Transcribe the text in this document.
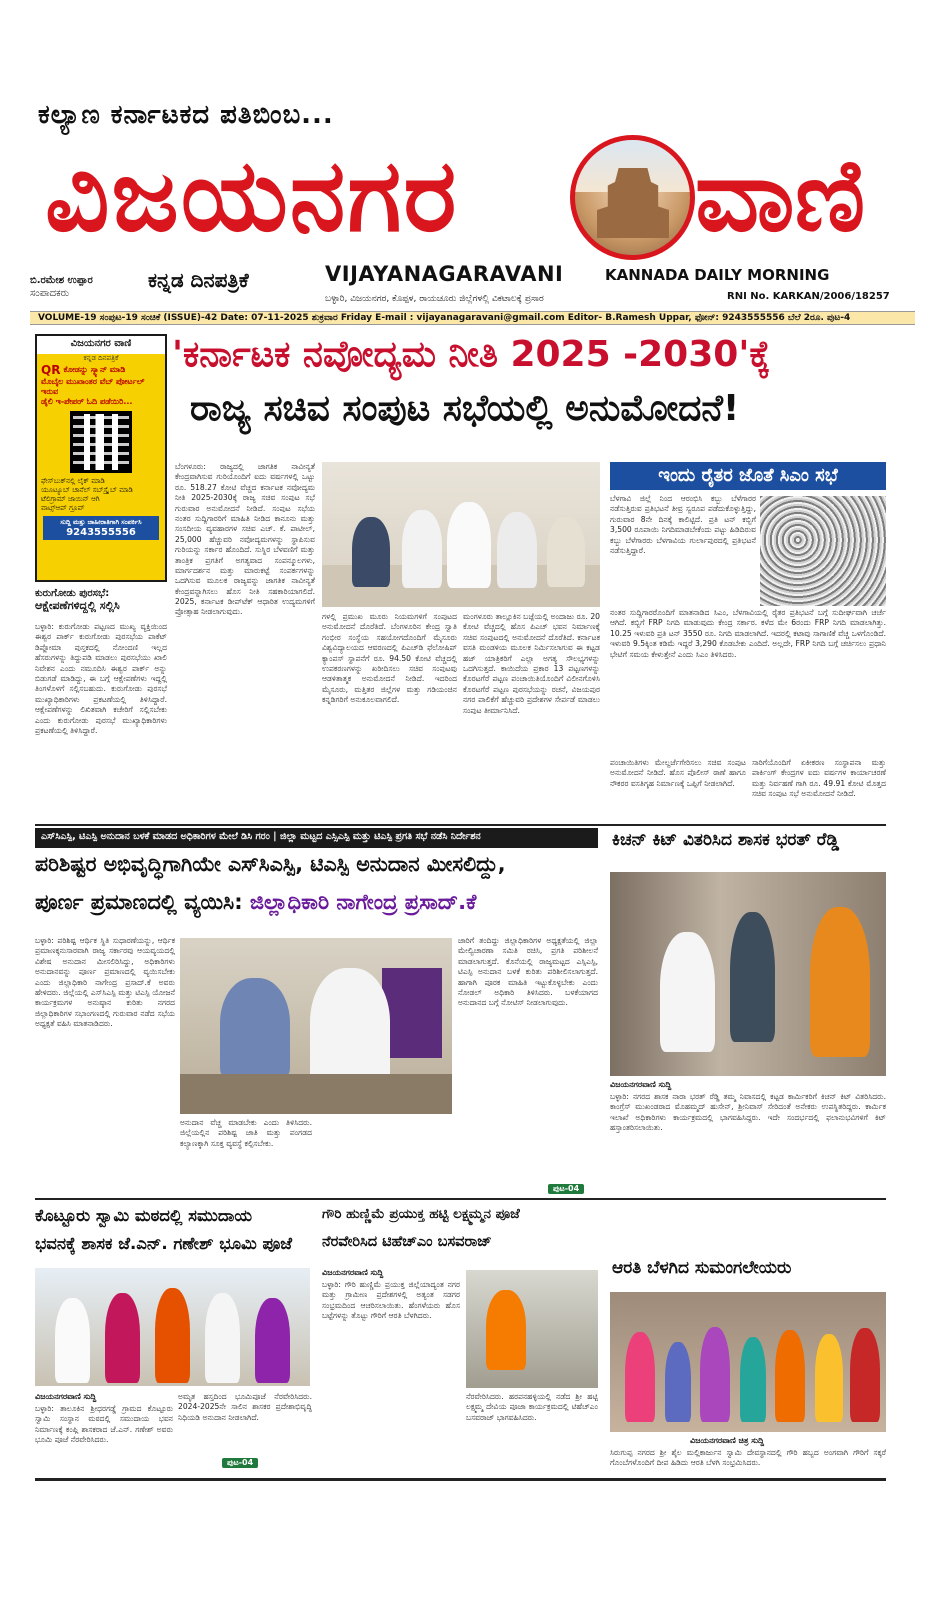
ಕಲ್ಯಾಣ ಕರ್ನಾಟಕದ ಪತಿಬಿಂಬ...
ವಿಜಯನಗರ ವಾಣಿ
ಬಿ.ರಮೇಶ ಉಪ್ಪಾರ
ಸಂಪಾದಕರು
ಕನ್ನಡ ದಿನಪತ್ರಿಕೆ	VIJAYANAGARAVANI	KANNADA DAILY MORNING
ಬಳ್ಳಾರಿ, ವಿಜಯನಗರ, ಕೊಪ್ಪಳ, ರಾಯಚೂರು ಜಿಲ್ಲೆಗಳಲ್ಲಿ ವಿಕಟಾಲಕ್ಕೆ ಪ್ರಸಾರ	RNI No. KARKAN/2006/18257
VOLUME-19 ಸಂಪುಟ-19 ಸಂಚಿಕೆ (ISSUE)-42 Date: 07-11-2025 ಶುಕ್ರವಾರ Friday E-mail : vijayanagaravani@gmail.com Editor- B.Ramesh Uppar, ಫೋನ್: 9243555556 ಬೆಲೆ 2ರೂ. ಪುಟ-4
ವಿಜಯನಗರ ವಾಣಿ
ಕನ್ನಡ ದಿನಪತ್ರಿಕೆ
QR ಕೋಡನ್ನು ಸ್ಕ್ಯಾನ್ ಮಾಡಿ
ಮೊಬೈಲ ಮುಖಾಂತರ ವೆಬ್ ಪೋರ್ಟಲ್ ಇರುವ
ಡೈಲಿ ಇ-ಪೇಪರ್ ಓದಿ ಪಡೆಯಿರಿ...
ಫೇಸ್‌ಬುಕ್‌ನಲ್ಲಿ ಲೈಕ್ ಮಾಡಿ
ಯೂಟ್ಯೂಬ್ ಚಾನೆಲ್ ಸಬ್‌ಸ್ಕ್ರೈಬ್ ಮಾಡಿ
ಟೆಲಿಗ್ರಾಮ್ ಜಾಯಿನ್ ಆಗಿ
ವಾಟ್ಸ್‌ಆಪ್ ಗ್ರೂಪ್
ಸುದ್ದಿ ಮತ್ತು ಜಾಹೀರಾತಿಗಾಗಿ ಸಂಪರ್ಕಿಸಿ
9243555556
ಕುರುಗೋಡು ಪುರಸಭೆ:
ಆಕ್ಷೇಪಣೆಗಳಿದ್ದಲ್ಲಿ ಸಲ್ಲಿಸಿ
ಬಳ್ಳಾರಿ: ಕುರುಗೋಡು ಪಟ್ಟಣದ ಮುಖ್ಯ ವ್ಯಕ್ತಿಯಿಂದ ಈಶ್ವರ ಪಾರ್ಕ್ ಕುರುಗೋಡು ಪುರಸಭೆಯ ಪಾಕೆಟ್ ಡಿಪ್ಲೋಮಾ ಪುಸ್ತಕದಲ್ಲಿ ನೋಂದಣಿ ಇಲ್ಲದ ಹೆಸರುಗಳನ್ನು ತಿದ್ದುಪಡಿ ಮಾಡಲು ಪುರಸಭೆಯು ಖಾಲಿ ನಿವೇಶನ ಎಂದು ನಮೂದಿಸಿ ಈಶ್ವರ ಪಾರ್ಕ್ ಅನ್ನು ಬಿಡುಗಡೆ ಮಾಡಿದ್ದು, ಈ ಬಗ್ಗೆ ಆಕ್ಷೇಪಣೆಗಳು ಇದ್ದಲ್ಲಿ ತಿಂಗಳೊಳಗೆ ಸಲ್ಲಿಸಬಹುದು. ಕುರುಗೋಡು ಪುರಸಭೆ ಮುಖ್ಯಾಧಿಕಾರಿಗಳು ಪ್ರಕಟಣೆಯಲ್ಲಿ ತಿಳಿಸಿದ್ದಾರೆ. ಆಕ್ಷೇಪಣೆಗಳನ್ನು ಲಿಖಿತವಾಗಿ ಕಚೇರಿಗೆ ಸಲ್ಲಿಸಬೇಕು ಎಂದು ಕುರುಗೋಡು ಪುರಸಭೆ ಮುಖ್ಯಾಧಿಕಾರಿಗಳು ಪ್ರಕಟಣೆಯಲ್ಲಿ ತಿಳಿಸಿದ್ದಾರೆ.
'ಕರ್ನಾಟಕ ನವೋದ್ಯಮ ನೀತಿ 2025 -2030'ಕ್ಕೆ
ರಾಜ್ಯ ಸಚಿವ ಸಂಪುಟ ಸಭೆಯಲ್ಲಿ ಅನುಮೋದನೆ!
ಬೆಂಗಳೂರು: ರಾಜ್ಯದಲ್ಲಿ ಜಾಗತಿಕ ನಾವೀನ್ಯತೆ ಕೇಂದ್ರವಾಗಿಸುವ ಗುರಿಯೊಂದಿಗೆ ಐದು ವರ್ಷಗಳಲ್ಲಿ ಒಟ್ಟು ರೂ. 518.27 ಕೋಟಿ ವೆಚ್ಚದ ಕರ್ನಾಟಕ ನವೋದ್ಯಮ ನೀತಿ 2025-2030ಕ್ಕೆ ರಾಜ್ಯ ಸಚಿವ ಸಂಪುಟ ಸಭೆ ಗುರುವಾರ ಅನುಮೋದನೆ ನೀಡಿದೆ. ಸಂಪುಟ ಸಭೆಯ ನಂತರ ಸುದ್ದಿಗಾರರಿಗೆ ಮಾಹಿತಿ ನೀಡಿದ ಕಾನೂನು ಮತ್ತು ಸಂಸದೀಯ ವ್ಯವಹಾರಗಳ ಸಚಿವ ಎಚ್. ಕೆ. ಪಾಟೀಲ್, 25,000 ಹೆಚ್ಚುವರಿ ನವೋದ್ಯಮಗಳನ್ನು ಸ್ಥಾಪಿಸುವ ಗುರಿಯನ್ನು ಸರ್ಕಾರ ಹೊಂದಿದೆ. ಸುಸ್ಥಿರ ಬೆಳವಣಿಗೆ ಮತ್ತು ತಾಂತ್ರಿಕ ಪ್ರಗತಿಗೆ ಅಗತ್ಯವಾದ ಸಂಪನ್ಮೂಲಗಳು, ಮಾರ್ಗದರ್ಶನ ಮತ್ತು ಮಾರುಕಟ್ಟೆ ಸಂಪರ್ಕಗಳನ್ನು ಒದಗಿಸುವ ಮೂಲಕ ರಾಜ್ಯವನ್ನು ಜಾಗತಿಕ ನಾವೀನ್ಯತೆ ಕೇಂದ್ರವನ್ನಾಗಿಸಲು ಹೊಸ ನೀತಿ ಸಹಕಾರಿಯಾಗಲಿದೆ. 2025, ಕರ್ನಾಟಕ ಡೀಪ್‌ಟೆಕ್ ಆಧಾರಿತ ಉದ್ಯಮಗಳಿಗೆ ಪ್ರೋತ್ಸಾಹ ನೀಡಲಾಗುವುದು.
ಗಳಲ್ಲಿ ಪ್ರಮುಖ ಮೂರು ನಿಯಮಗಳಿಗೆ ಸಂಪುಟದ ಅನುಮೋದನೆ ದೊರೆತಿದೆ. ಬೆಂಗಳೂರಿನ ಕೇಂದ್ರ ಸ್ವಾತಿ ಗಂಭೀರ ಸಂಸ್ಥೆಯ ಸಹಯೋಗದೊಂದಿಗೆ ಮೈಸೂರು ವಿಶ್ವವಿದ್ಯಾಲಯದ ಆವರಣದಲ್ಲಿ ಪಿಎಚ್‌ಡಿ ಫೆಲೋಷಿಪ್ ಕ್ಯಾಂಪಸ್ ಸ್ಥಾಪನೆಗೆ ರೂ. 94.50 ಕೋಟಿ ವೆಚ್ಚದಲ್ಲಿ ಉಪಕರಣಗಳನ್ನು ಖರೀದಿಸಲು ಸಚಿವ ಸಂಪುಟವು ಆಡಳಿತಾತ್ಮಕ ಅನುಮೋದನೆ ನೀಡಿದೆ. ಇದರಿಂದ ಮೈಸೂರು, ಮತ್ತಿತರ ಜಿಲ್ಲೆಗಳ ಮತ್ತು ಗಡಿಯಂಚಿನ ಕನ್ನಡಿಗರಿಗೆ ಅನುಕೂಲವಾಗಲಿದೆ.
ಮಂಗಳೂರು ತಾಲ್ಲೂಕಿನ ಬಜ್ಪೆಯಲ್ಲಿ ಅಂದಾಜು ರೂ. 20 ಕೋಟಿ ವೆಚ್ಚದಲ್ಲಿ ಹೊಸ ಪಿಎಚ್ ಭವನ ನಿರ್ಮಾಣಕ್ಕೆ ಸಚಿವ ಸಂಪುಟದಲ್ಲಿ ಅನುಮೋದನೆ ದೊರೆತಿದೆ. ಕರ್ನಾಟಕ ವಸತಿ ಮಂಡಳಿಯ ಮೂಲಕ ನಿರ್ಮಿಸಲಾಗುವ ಈ ಕಟ್ಟಡ ಹಜ್ ಯಾತ್ರಿಕರಿಗೆ ಎಲ್ಲಾ ಅಗತ್ಯ ಸೌಲಭ್ಯಗಳನ್ನು ಒದಗಿಸುತ್ತದೆ. ಕಾಯಿದೆಯ ಪ್ರಕಾರ 13 ಪಟ್ಟಣಗಳನ್ನು ಕೊರಟಗೆರೆ ಪಟ್ಟಣ ಪಂಚಾಯಿತಿಯೊಂದಿಗೆ ವಿಲೀನಗೊಳಿಸಿ ಕೊರಟಗೆರೆ ಪಟ್ಟಣ ಪುರಸಭೆಯನ್ನು ರಚನೆ, ವಿಜಯಪುರ ನಗರ ಪಾಲಿಕೆಗೆ ಹೆಚ್ಚುವರಿ ಪ್ರದೇಶಗಳ ಸೇರ್ಪಡೆ ಮಾಡಲು ಸಂಪುಟ ತೀರ್ಮಾನಿಸಿದೆ.
ಇಂದು ರೈತರ ಜೊತೆ ಸಿಎಂ ಸಭೆ
ಬೆಳಗಾವಿ ಜಿಲ್ಲೆ ನಿಂದ ಆರಂಭಿಸಿ ಕಬ್ಬು ಬೆಳೆಗಾರರ ನಡೆಸುತ್ತಿರುವ ಪ್ರತಿಭಟನೆ ತೀವ್ರ ಸ್ವರೂಪ ಪಡೆದುಕೊಳ್ಳುತ್ತಿದ್ದು, ಗುರುವಾರ 8ನೇ ದಿನಕ್ಕೆ ಕಾಲಿಟ್ಟಿದೆ. ಪ್ರತಿ ಟನ್ ಕಬ್ಬಿಗೆ 3,500 ರೂಪಾಯಿ ನಿಗದಿಮಾಡಬೇಕೆಂದು ಪಟ್ಟು ಹಿಡಿದಿರುವ ಕಬ್ಬು ಬೆಳೆಗಾರರು ಬೆಳಗಾವಿಯ ಗುರ್ಲಾಪುರದಲ್ಲಿ ಪ್ರತಿಭಟನೆ ನಡೆಸುತ್ತಿದ್ದಾರೆ.
ನಂತರ ಸುದ್ದಿಗಾರರೊಂದಿಗೆ ಮಾತನಾಡಿದ ಸಿಎಂ, ಬೆಳಗಾವಿಯಲ್ಲಿ ರೈತರ ಪ್ರತಿಭಟನೆ ಬಗ್ಗೆ ಸುದೀರ್ಘವಾಗಿ ಚರ್ಚೆ ಆಗಿದೆ. ಕಬ್ಬಿಗೆ FRP ನಿಗದಿ ಮಾಡುವುದು ಕೇಂದ್ರ ಸರ್ಕಾರ. ಕಳೆದ ಮೇ 6ರಂದು FRP ನಿಗದಿ ಮಾಡಲಾಗಿತ್ತು. 10.25 ಇಳುವರಿ ಪ್ರತಿ ಟನ್ 3550 ರೂ. ನಿಗದಿ ಮಾಡಲಾಗಿದೆ. ಇದರಲ್ಲಿ ಕಟಾವು ಸಾಗಾಣಿಕೆ ವೆಚ್ಚ ಒಳಗೊಂಡಿದೆ. ಇಳುವರಿ 9.5ಕ್ಕಿಂತ ಕಡಿಮೆ ಇದ್ದರೆ 3,290 ಕೊಡಬೇಕು ಎಂದಿದೆ. ಅಲ್ಲದೇ, FRP ನಿಗದಿ ಬಗ್ಗೆ ಚರ್ಚಿಸಲು ಪ್ರಧಾನಿ ಭೇಟಿಗೆ ಸಮಯ ಕೇಳುತ್ತೇನೆ ಎಂದು ಸಿಎಂ ತಿಳಿಸಿದರು.
ಪಂಚಾಯಿತಿಗಳು ಮೇಲ್ದರ್ಜೆಗೇರಿಸಲು ಸಚಿವ ಸಂಪುಟ ಅನುಮೋದನೆ ನೀಡಿದೆ. ಹೊಸ ಪೊಲೀಸ್ ಠಾಣೆ ಹಾಗೂ ನೌಕರರ ವಸತಿಗೃಹ ನಿರ್ಮಾಣಕ್ಕೆ ಒಪ್ಪಿಗೆ ನೀಡಲಾಗಿದೆ.
ಸಾರಿಗೆಯೊಂದಿಗೆ ಏಕೀಕರಣ ಸಂಸ್ಥಾಪನಾ ಮತ್ತು ಪಾರ್ಕಿಂಗ್ ಕೇಂದ್ರಗಳ ಐದು ವರ್ಷಗಳ ಕಾರ್ಯಾಚರಣೆ ಮತ್ತು ನಿರ್ವಹಣೆ ಗಾಗಿ ರೂ. 49.91 ಕೋಟಿ ಮೊತ್ತದ ಸಚಿವ ಸಂಪುಟ ಸಭೆ ಅನುಮೋದನೆ ನೀಡಿದೆ.
ಎಸ್‌ಸಿಎಸ್ಪಿ, ಟಿಎಸ್ಪಿ ಅನುದಾನ ಬಳಕೆ ಮಾಡದ ಅಧಿಕಾರಿಗಳ ಮೇಲೆ ಡಿಸಿ ಗರಂ | ಜಿಲ್ಲಾ ಮಟ್ಟದ ಎಸ್ಸಿಎಸ್ಪಿ ಮತ್ತು ಟಿಎಸ್ಪಿ ಪ್ರಗತಿ ಸಭೆ ನಡೆಸಿ ನಿರ್ದೇಶನ
ಪರಿಶಿಷ್ಟರ ಅಭಿವೃದ್ಧಿಗಾಗಿಯೇ ಎಸ್‌ಸಿಎಸ್ಪಿ, ಟಿಎಸ್ಪಿ ಅನುದಾನ ಮೀಸಲಿದ್ದು,
ಪೂರ್ಣ ಪ್ರಮಾಣದಲ್ಲಿ ವ್ಯಯಿಸಿ: ಜಿಲ್ಲಾಧಿಕಾರಿ ನಾಗೇಂದ್ರ ಪ್ರಸಾದ್.ಕೆ
ಬಳ್ಳಾರಿ: ಪರಿಶಿಷ್ಟ ಆರ್ಥಿಕ ಸ್ಥಿತಿ ಸುಧಾರಣೆಯನ್ನು, ಆರ್ಥಿಕ ಪ್ರಮಾಣಕ್ಕನುಸಾರವಾಗಿ ರಾಜ್ಯ ಸರ್ಕಾರವು ಆಯವ್ಯಯದಲ್ಲಿ ವಿಶೇಷ ಅನುದಾನ ಮೀಸಲಿರಿಸಿದ್ದು, ಅಧಿಕಾರಿಗಳು ಅನುದಾನವನ್ನು ಪೂರ್ಣ ಪ್ರಮಾಣದಲ್ಲಿ ವ್ಯಯಿಸಬೇಕು ಎಂದು ಜಿಲ್ಲಾಧಿಕಾರಿ ನಾಗೇಂದ್ರ ಪ್ರಸಾದ್.ಕೆ ಅವರು ಹೇಳಿದರು. ಜಿಲ್ಲೆಯಲ್ಲಿ ಎಸ್‌ಸಿಎಸ್ಪಿ ಮತ್ತು ಟಿಎಸ್ಪಿ ಯೋಜನೆ ಕಾರ್ಯಕ್ರಮಗಳ ಅನುಷ್ಠಾನ ಕುರಿತು ನಗರದ ಜಿಲ್ಲಾಧಿಕಾರಿಗಳ ಸಭಾಂಗಣದಲ್ಲಿ ಗುರುವಾರ ನಡೆದ ಸಭೆಯ ಅಧ್ಯಕ್ಷತೆ ವಹಿಸಿ ಮಾತನಾಡಿದರು.
ಅನುದಾನ ವೆಚ್ಚ ಮಾಡಬೇಕು ಎಂದು ತಿಳಿಸಿದರು. ಜಿಲ್ಲೆಯಲ್ಲಿನ ಪರಿಶಿಷ್ಟ ಜಾತಿ ಮತ್ತು ಪಂಗಡದ ಕಲ್ಯಾಣಕ್ಕಾಗಿ ಸೂಕ್ತ ವ್ಯವಸ್ಥೆ ಕಲ್ಪಿಸಬೇಕು.
ಜಾರಿಗೆ ತಂದಿದ್ದು ಜಿಲ್ಲಾಧಿಕಾರಿಗಳ ಅಧ್ಯಕ್ಷತೆಯಲ್ಲಿ ಜಿಲ್ಲಾ ಮೇಲ್ವಿಚಾರಣಾ ಸಮಿತಿ ರಚಿಸಿ, ಪ್ರಗತಿ ಪರಿಶೀಲನೆ ಮಾಡಲಾಗುತ್ತದೆ. ಕೊನೆಯಲ್ಲಿ ರಾಜ್ಯಮಟ್ಟದ ಎಸ್ಸಿಎಸ್ಪಿ, ಟಿಎಸ್ಪಿ ಅನುದಾನ ಬಳಕೆ ಕುರಿತು ಪರಿಶೀಲಿಸಲಾಗುತ್ತದೆ. ಹಾಗಾಗಿ ಪೂರಕ ಮಾಹಿತಿ ಇಟ್ಟುಕೊಳ್ಳಬೇಕು ಎಂದು ನೋಡಲ್ ಅಧಿಕಾರಿ ತಿಳಿಸಿದರು. ಬಳಕೆಯಾಗದ ಅನುದಾನದ ಬಗ್ಗೆ ನೋಟಿಸ್ ನೀಡಲಾಗುವುದು.
ಪುಟ-04
ಕಿಚನ್ ಕಿಟ್ ವಿತರಿಸಿದ ಶಾಸಕ ಭರತ್ ರೆಡ್ಡಿ
ವಿಜಯನಗರವಾಣಿ ಸುದ್ದಿ
ಬಳ್ಳಾರಿ: ನಗರದ ಶಾಸಕ ನಾರಾ ಭರತ್ ರೆಡ್ಡಿ ತಮ್ಮ ನಿವಾಸದಲ್ಲಿ ಕಟ್ಟಡ ಕಾರ್ಮಿಕರಿಗೆ ಕಿಚನ್ ಕಿಟ್ ವಿತರಿಸಿದರು. ಕಾಂಗ್ರೆಸ್ ಮುಖಂಡರಾದ ಮೊಹಮ್ಮದ್ ಹುಸೇನ್, ಶ್ರೀನಿವಾಸ್ ಸೇರಿದಂತೆ ಅನೇಕರು ಉಪಸ್ಥಿತರಿದ್ದರು. ಕಾರ್ಮಿಕ ಇಲಾಖೆ ಅಧಿಕಾರಿಗಳು ಕಾರ್ಯಕ್ರಮದಲ್ಲಿ ಭಾಗವಹಿಸಿದ್ದರು. ಇದೇ ಸಂದರ್ಭದಲ್ಲಿ ಫಲಾನುಭವಿಗಳಿಗೆ ಕಿಟ್ ಹಸ್ತಾಂತರಿಸಲಾಯಿತು.
ಕೊಟ್ಟೂರು ಸ್ವಾಮಿ ಮಠದಲ್ಲಿ ಸಮುದಾಯ
ಭವನಕ್ಕೆ ಶಾಸಕ ಜೆ.ಎನ್. ಗಣೇಶ್ ಭೂಮಿ ಪೂಜೆ
ವಿಜಯನಗರವಾಣಿ ಸುದ್ದಿ
ಬಳ್ಳಾರಿ: ತಾಲೂಕಿನ ಶ್ರೀಧರಗಡ್ಡೆ ಗ್ರಾಮದ ಕೊಟ್ಟೂರು ಸ್ವಾಮಿ ಸಂಸ್ಥಾನ ಮಠದಲ್ಲಿ ಸಮುದಾಯ ಭವನ ನಿರ್ಮಾಣಕ್ಕೆ ಕಂಪ್ಲಿ ಶಾಸಕರಾದ ಜೆ.ಎನ್. ಗಣೇಶ್ ಅವರು ಭೂಮಿ ಪೂಜೆ ನೆರವೇರಿಸಿದರು.
ಅಮೃತ ಹಸ್ತದಿಂದ ಭೂಮಿಪೂಜೆ ನೆರವೇರಿಸಿದರು. 2024-2025ನೇ ಸಾಲಿನ ಶಾಸಕರ ಪ್ರದೇಶಾಭಿವೃದ್ಧಿ ನಿಧಿಯಡಿ ಅನುದಾನ ನೀಡಲಾಗಿದೆ.
ಪುಟ-04
ಗೌರಿ ಹುಣ್ಣಿಮೆ ಪ್ರಯುಕ್ತ ಹಟ್ಟಿ ಲಕ್ಷ್ಮಮ್ಮನ ಪೂಜೆ
ನೆರವೇರಿಸಿದ ಟಿಹೆಚ್‌ಎಂ ಬಸವರಾಜ್
ವಿಜಯನಗರವಾಣಿ ಸುದ್ದಿ
ಬಳ್ಳಾರಿ: ಗೌರಿ ಹುಣ್ಣಿಮೆ ಪ್ರಯುಕ್ತ ಜಿಲ್ಲೆಯಾದ್ಯಂತ ನಗರ ಮತ್ತು ಗ್ರಾಮೀಣ ಪ್ರದೇಶಗಳಲ್ಲಿ ಅತ್ಯಂತ ಸಡಗರ ಸಂಭ್ರಮದಿಂದ ಆಚರಿಸಲಾಯಿತು. ಹೆಂಗಳೆಯರು ಹೊಸ ಬಟ್ಟೆಗಳನ್ನು ತೊಟ್ಟು ಗೌರಿಗೆ ಆರತಿ ಬೆಳಗಿದರು.
ನೆರವೇರಿಸಿದರು. ಹರಪನಹಳ್ಳಿಯಲ್ಲಿ ನಡೆದ ಶ್ರೀ ಹಟ್ಟಿ ಲಕ್ಷ್ಮಮ್ಮ ದೇವಿಯ ಪೂಜಾ ಕಾರ್ಯಕ್ರಮದಲ್ಲಿ ಟಿಹೆಚ್‌ಎಂ ಬಸವರಾಜ್ ಭಾಗವಹಿಸಿದರು.
ಆರತಿ ಬೆಳಗಿದ ಸುಮಂಗಲೇಯರು
ವಿಜಯನಗರವಾಣಿ ಚಿತ್ರ ಸುದ್ದಿ
ಸಿರುಗುಪ್ಪ ನಗರದ ಶ್ರೀ ಶೈಲ ಮಲ್ಲಿಕಾರ್ಜುನ ಸ್ವಾಮಿ ದೇವಸ್ಥಾನದಲ್ಲಿ ಗೌರಿ ಹಬ್ಬದ ಅಂಗವಾಗಿ ಗೌರಿಗೆ ಸಕ್ಕರೆ ಗೊಂಬೆಗಳೊಂದಿಗೆ ದೀಪ ಹಿಡಿದು ಆರತಿ ಬೆಳಗಿ ಸಂಭ್ರಮಿಸಿದರು.
